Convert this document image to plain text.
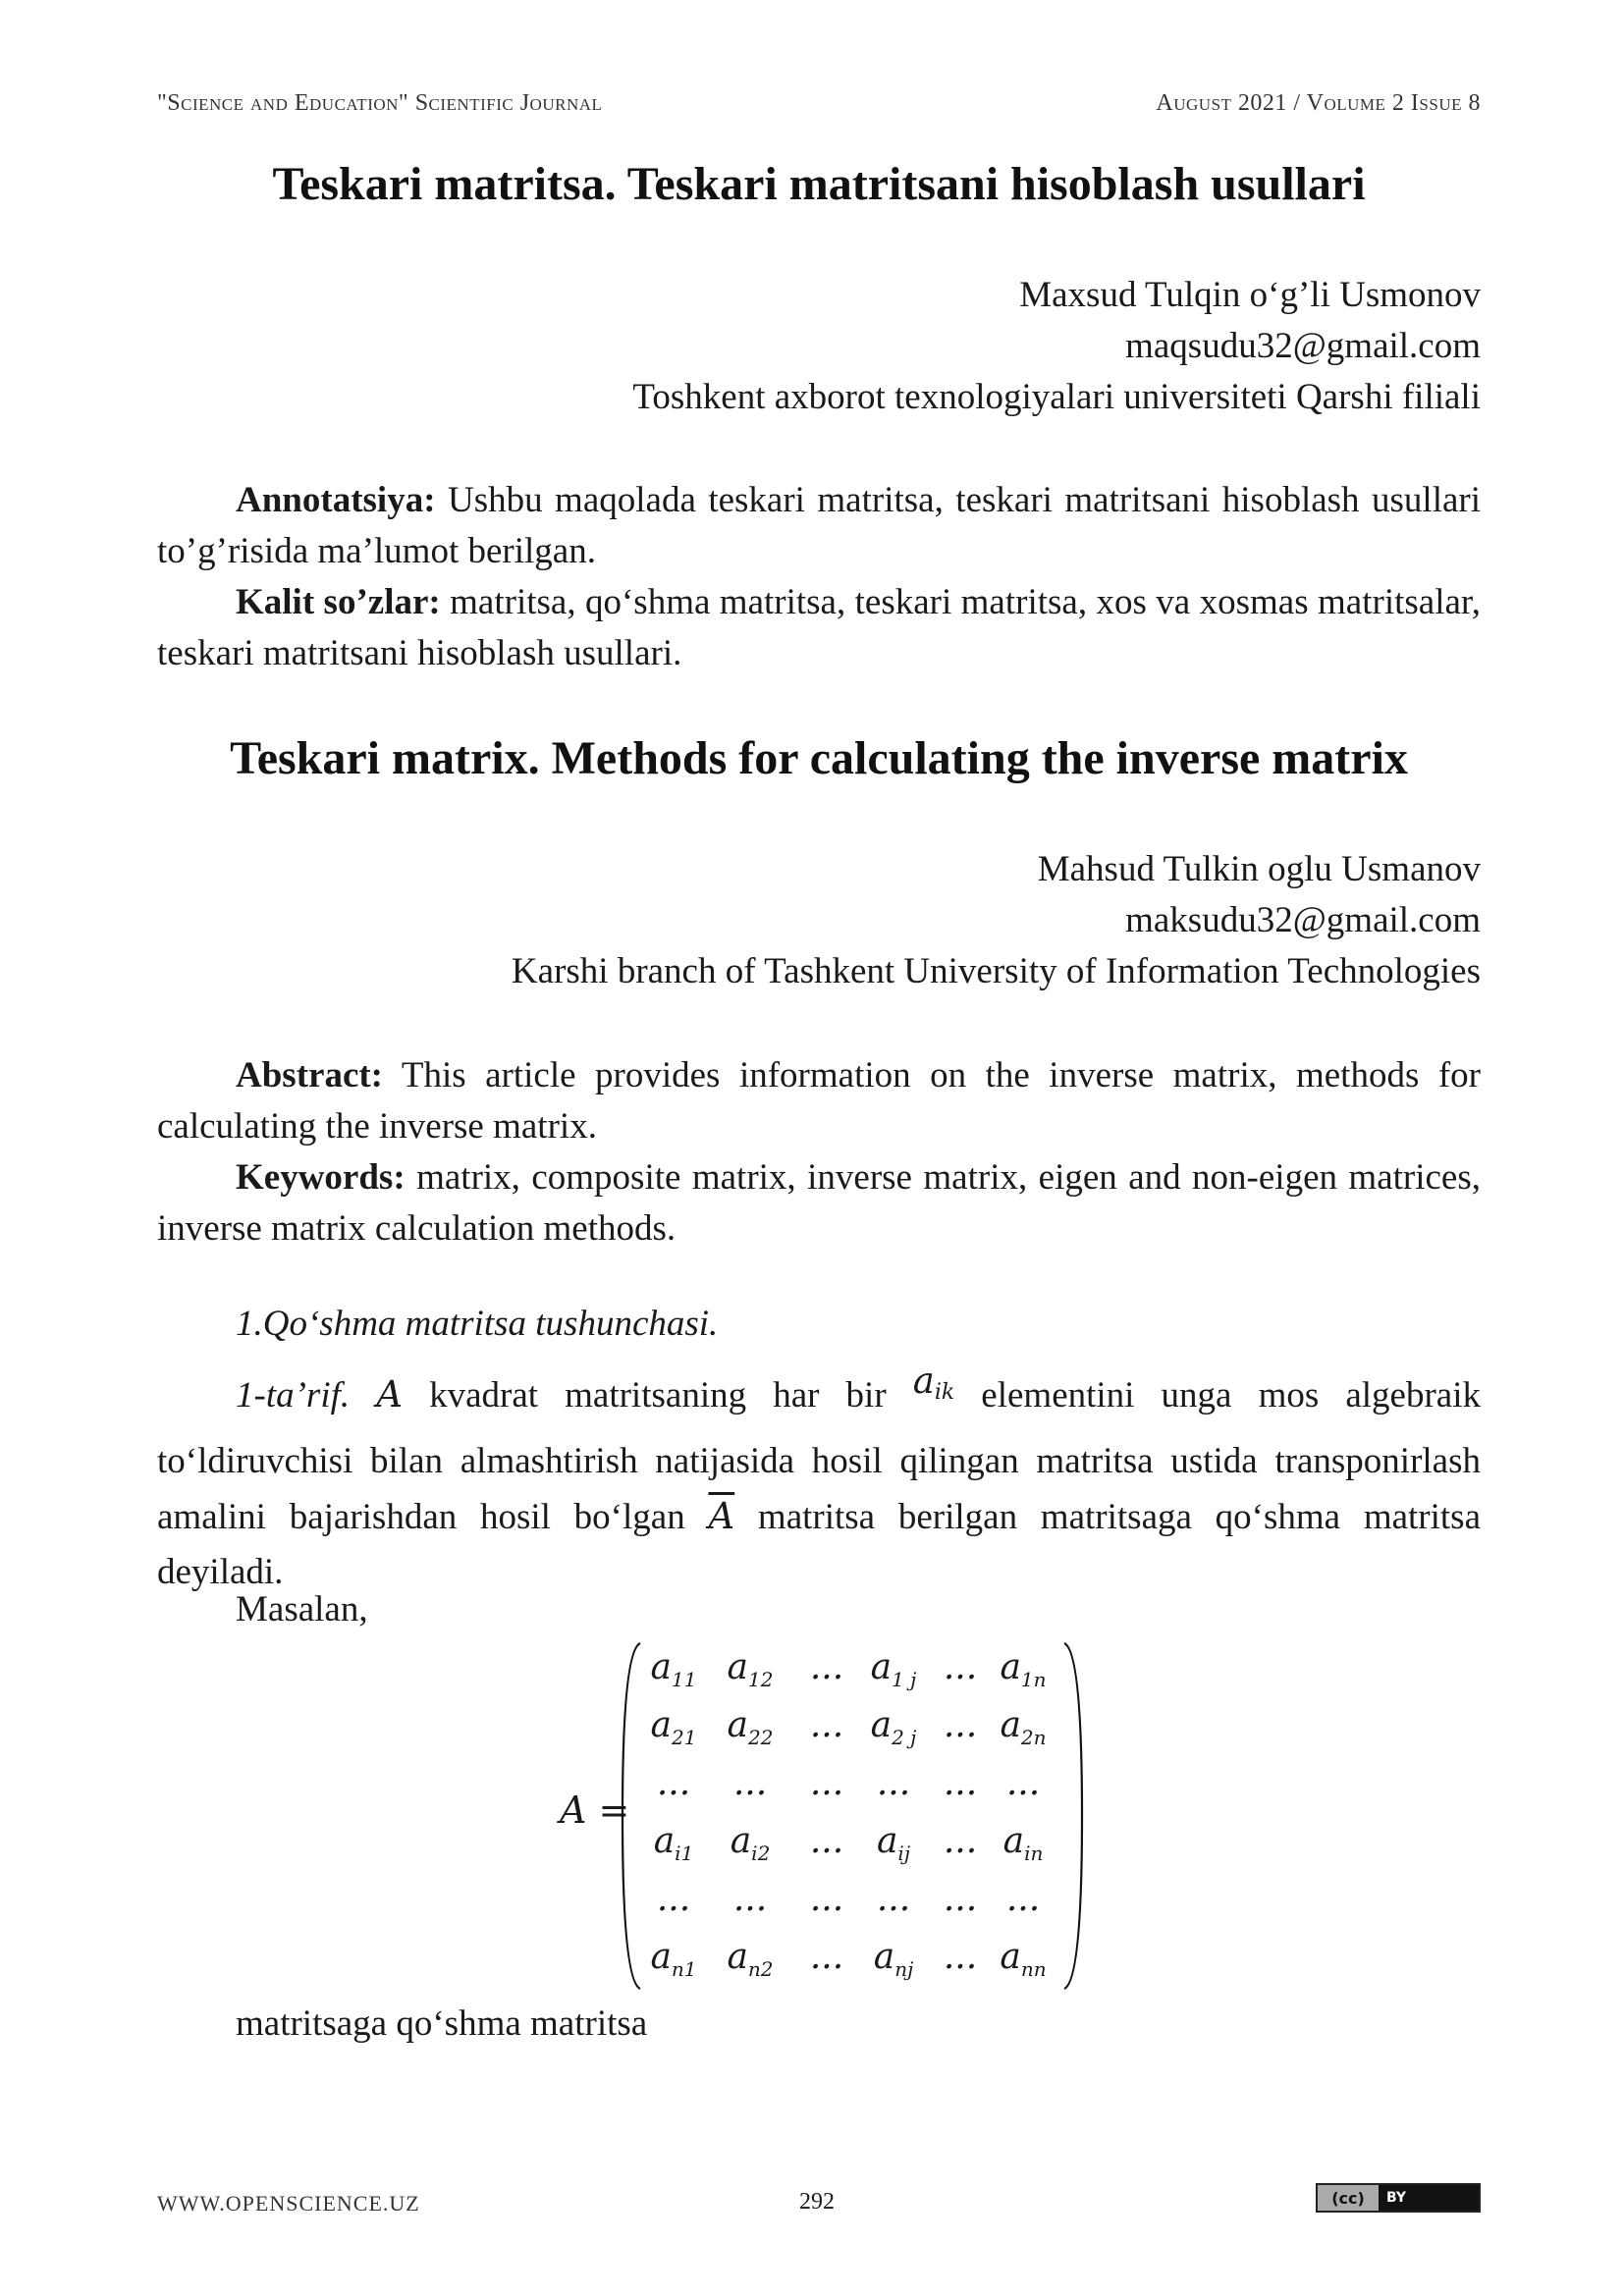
"Science and Education" Scientific Journal	August 2021 / Volume 2 Issue 8
Teskari matritsa. Teskari matritsani hisoblash usullari
Maxsud Tulqin o‘g’li Usmonov
maqsudu32@gmail.com
Toshkent axborot texnologiyalari universiteti Qarshi filiali
Annotatsiya: Ushbu maqolada teskari matritsa, teskari matritsani hisoblash usullari to’g’risida ma’lumot berilgan.
Kalit so’zlar: matritsa, qo‘shma matritsa, teskari matritsa, xos va xosmas matritsalar, teskari matritsani hisoblash usullari.
Teskari matrix. Methods for calculating the inverse matrix
Mahsud Tulkin oglu Usmanov
maksudu32@gmail.com
Karshi branch of Tashkent University of Information Technologies
Abstract: This article provides information on the inverse matrix, methods for calculating the inverse matrix.
Keywords: matrix, composite matrix, inverse matrix, eigen and non-eigen matrices, inverse matrix calculation methods.
1.Qo‘shma matritsa tushunchasi.
1-ta’rif. A kvadrat matritsaning har bir $a_{ik}$ elementini unga mos algebraik to‘ldiruvchisi bilan almashtirish natijasida hosil qilingan matritsa ustida transponirlash amalini bajarishdan hosil bo‘lgan $\overline{A}$ matritsa berilgan matritsaga qo‘shma matritsa deyiladi.
Masalan,
A =
$a_{11}$ $a_{12}$	... $a_{1 j}$ ... $a_{1n}$
$a_{21}$ $a_{22}$	... $a_{2 j}$ ... $a_{2n}$
...	...	... ... ... ...
$a_{i1}$	$a_{i2}$	... $a_{ij}$ ... $a_{in}$
...	...	... ... ... ...
$a_{n1}$ $a_{n2}$	... $a_{nj}$ ... $a_{nn}$
matritsaga qo‘shma matritsa
WWW.OPENSCIENCE.UZ	292	(cc)	BY
